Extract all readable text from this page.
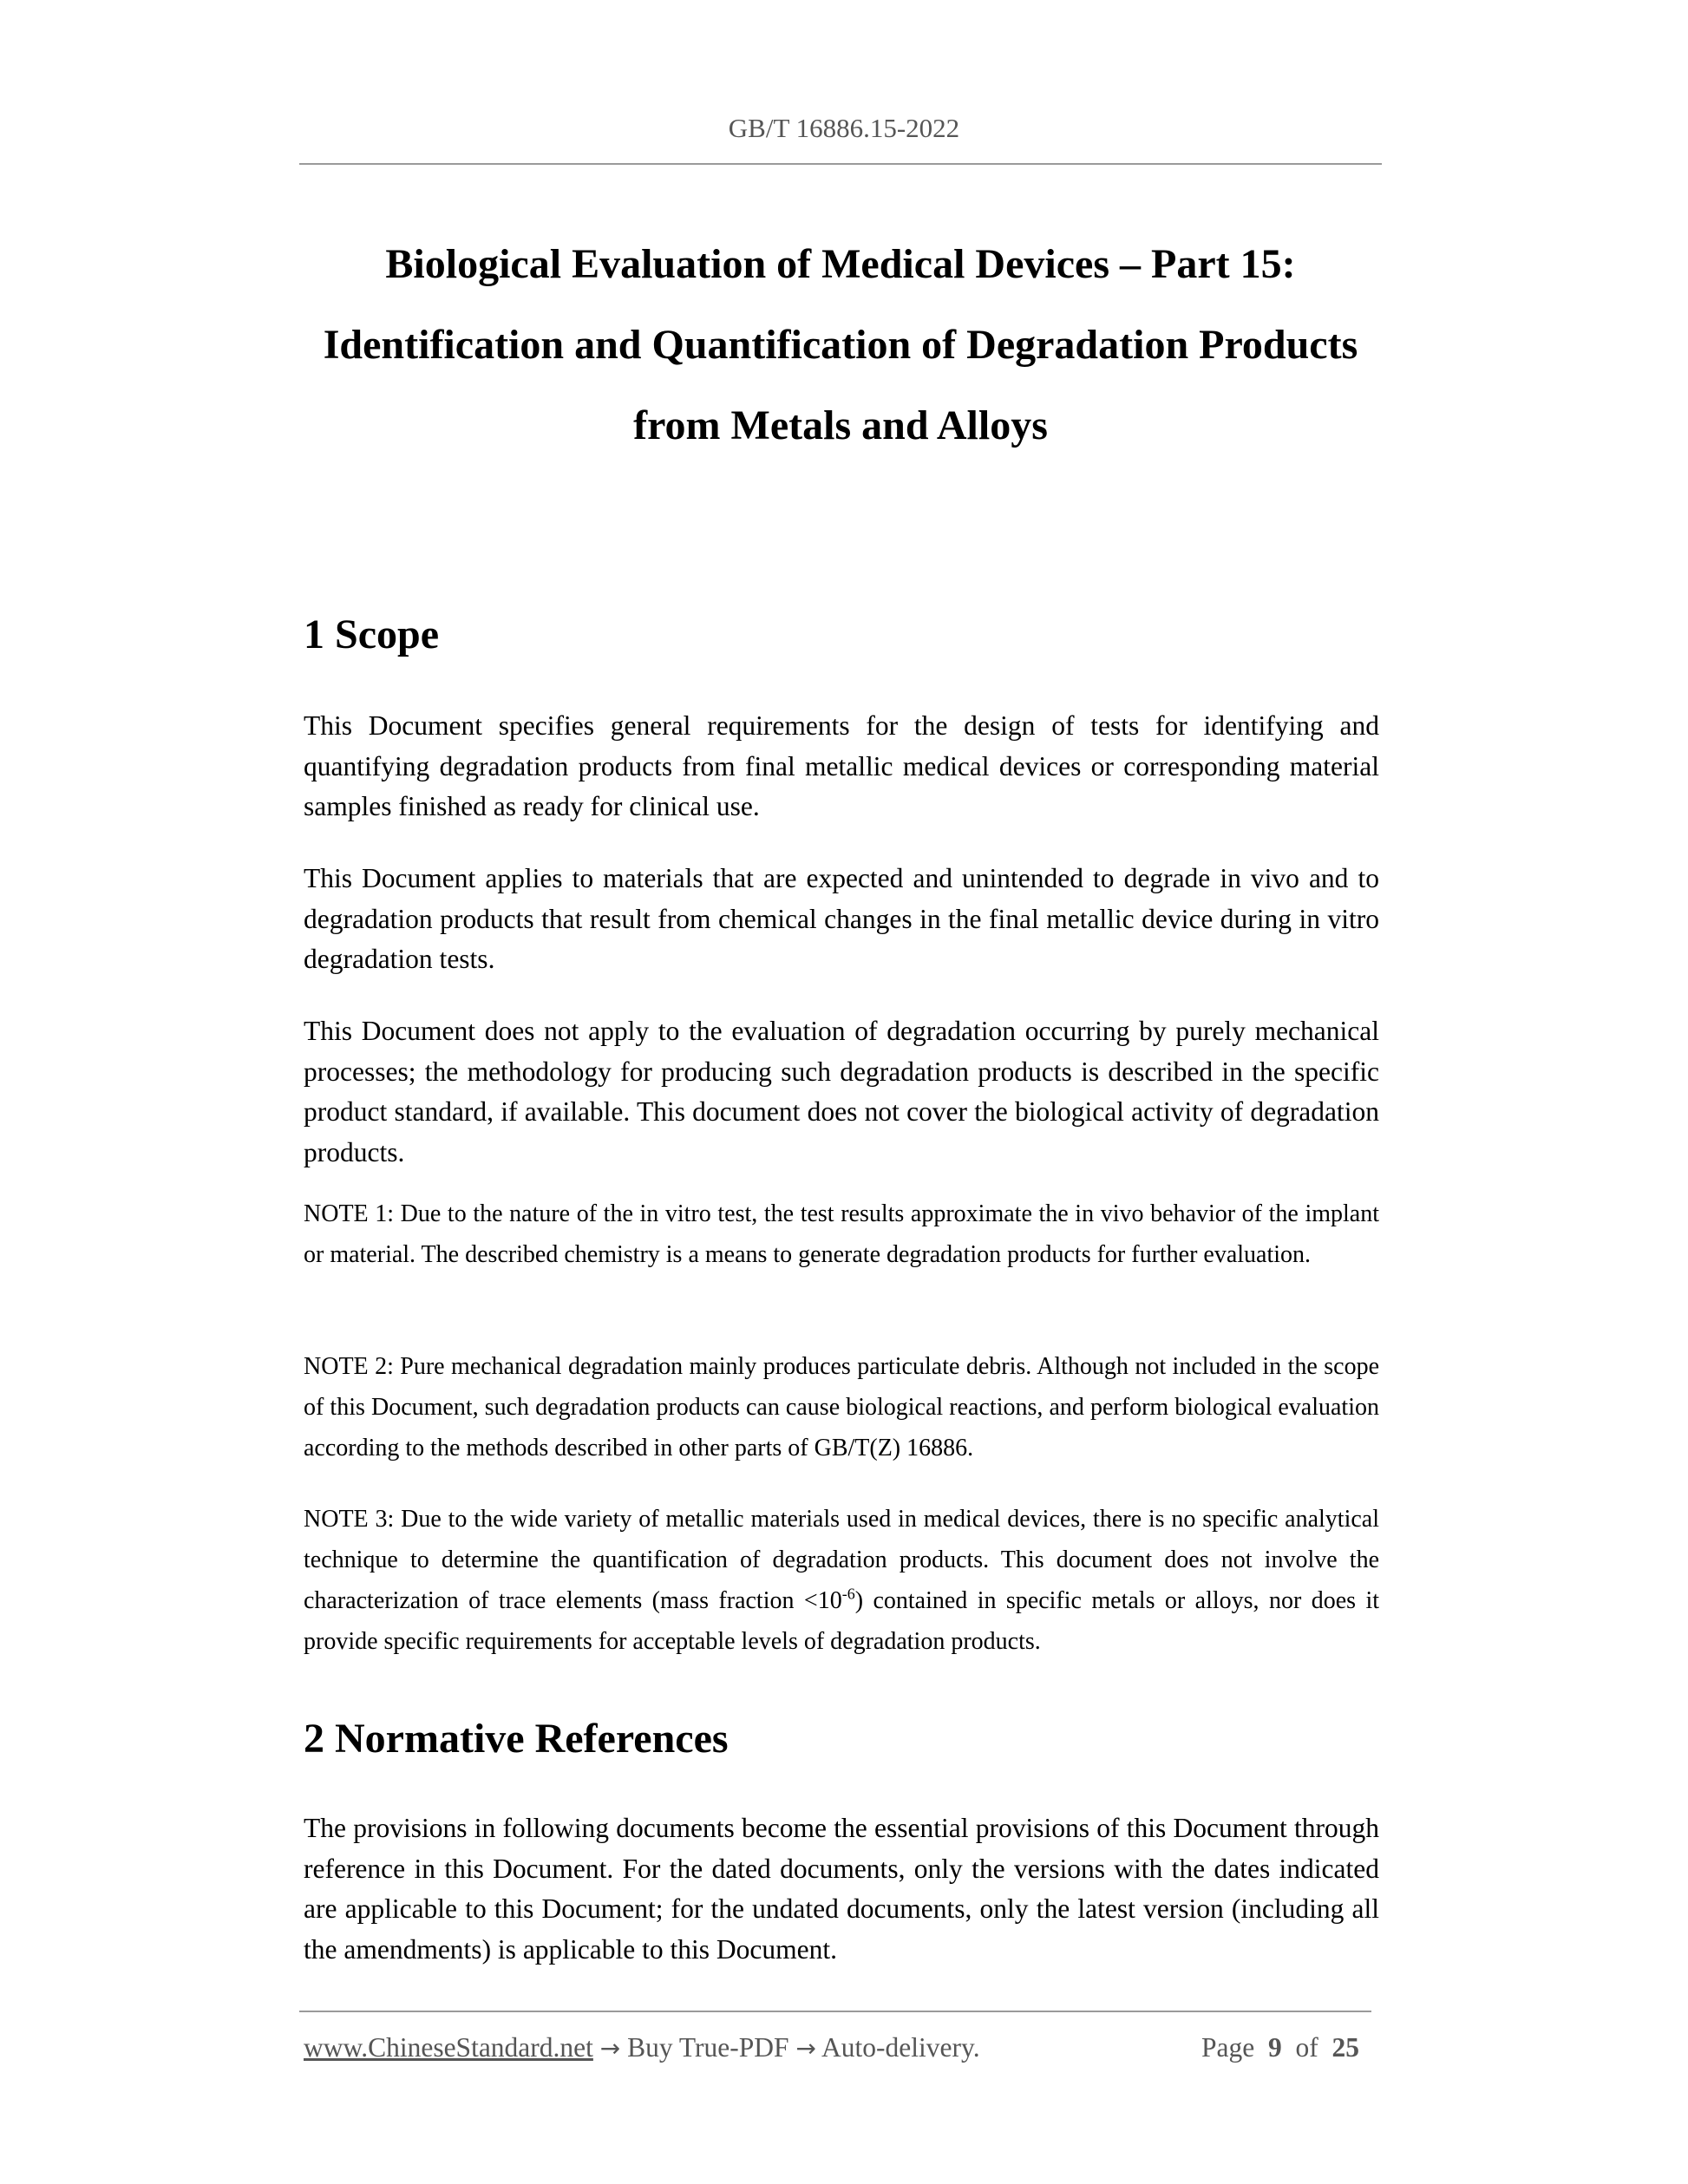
GB/T 16886.15-2022
Biological Evaluation of Medical Devices – Part 15:
Identification and Quantification of Degradation Products
from Metals and Alloys
1 Scope

This Document specifies general requirements for the design of tests for identifying and quantifying degradation products from final metallic medical devices or corresponding material samples finished as ready for clinical use.

This Document applies to materials that are expected and unintended to degrade in vivo and to degradation products that result from chemical changes in the final metallic device during in vitro degradation tests.

This Document does not apply to the evaluation of degradation occurring by purely mechanical processes; the methodology for producing such degradation products is described in the specific product standard, if available. This document does not cover the biological activity of degradation products.

NOTE 1: Due to the nature of the in vitro test, the test results approximate the in vivo behavior of the implant or material. The described chemistry is a means to generate degradation products for further evaluation.

NOTE 2: Pure mechanical degradation mainly produces particulate debris. Although not included in the scope of this Document, such degradation products can cause biological reactions, and perform biological evaluation according to the methods described in other parts of GB/T(Z) 16886.

NOTE 3: Due to the wide variety of metallic materials used in medical devices, there is no specific analytical technique to determine the quantification of degradation products. This document does not involve the characterization of trace elements (mass fraction $<10^{-6}$) contained in specific metals or alloys, nor does it provide specific requirements for acceptable levels of degradation products.

2 Normative References

The provisions in following documents become the essential provisions of this Document through reference in this Document. For the dated documents, only the versions with the dates indicated are applicable to this Document; for the undated documents, only the latest version (including all the amendments) is applicable to this Document.

www.ChineseStandard.net → Buy True-PDF → Auto-delivery.	Page 9 of 25
